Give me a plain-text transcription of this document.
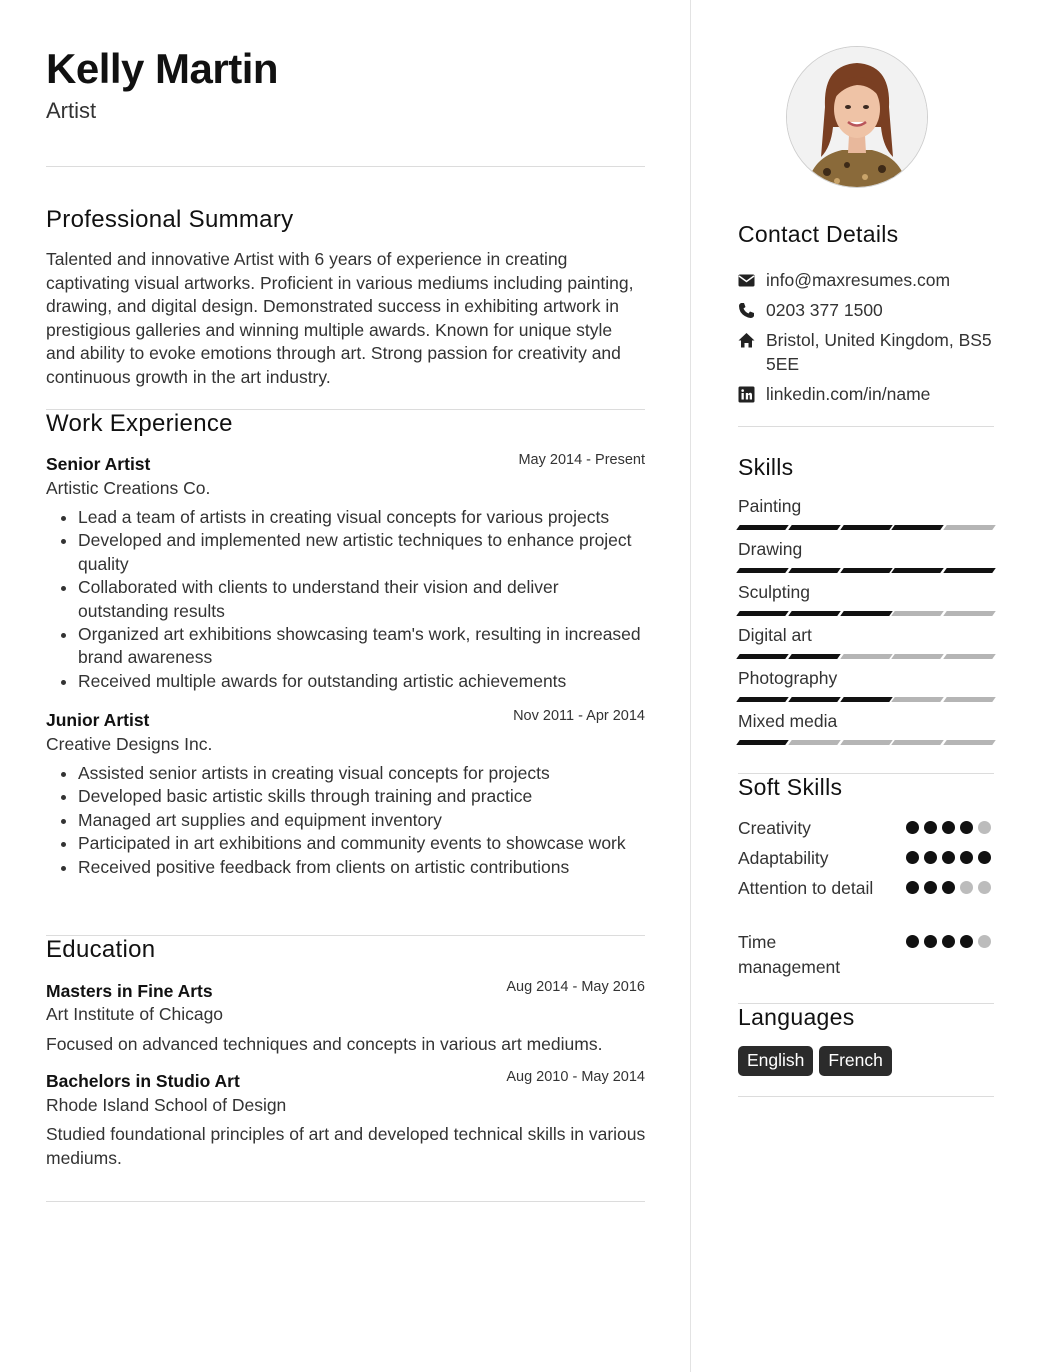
Kelly Martin
Artist
Professional Summary
Talented and innovative Artist with 6 years of experience in creating captivating visual artworks. Proficient in various mediums including painting, drawing, and digital design. Demonstrated success in exhibiting artwork in prestigious galleries and winning multiple awards. Known for unique style and ability to evoke emotions through art. Strong passion for creativity and continuous growth in the art industry.
Work Experience
Senior Artist	May 2014 - Present
Artistic Creations Co.
• Lead a team of artists in creating visual concepts for various projects
• Developed and implemented new artistic techniques to enhance project quality
• Collaborated with clients to understand their vision and deliver outstanding results
• Organized art exhibitions showcasing team's work, resulting in increased brand awareness
• Received multiple awards for outstanding artistic achievements
Junior Artist	Nov 2011 - Apr 2014
Creative Designs Inc.
• Assisted senior artists in creating visual concepts for projects
• Developed basic artistic skills through training and practice
• Managed art supplies and equipment inventory
• Participated in art exhibitions and community events to showcase work
• Received positive feedback from clients on artistic contributions
Education
Masters in Fine Arts	Aug 2014 - May 2016
Art Institute of Chicago
Focused on advanced techniques and concepts in various art mediums.
Bachelors in Studio Art	Aug 2010 - May 2014
Rhode Island School of Design
Studied foundational principles of art and developed technical skills in various mediums.
Contact Details
info@maxresumes.com
0203 377 1500
Bristol, United Kingdom, BS5 5EE
linkedin.com/in/name
Skills
Painting
Drawing
Sculpting
Digital art
Photography
Mixed media
Soft Skills
Creativity
Adaptability
Attention to detail
Time management
Languages
English	French
